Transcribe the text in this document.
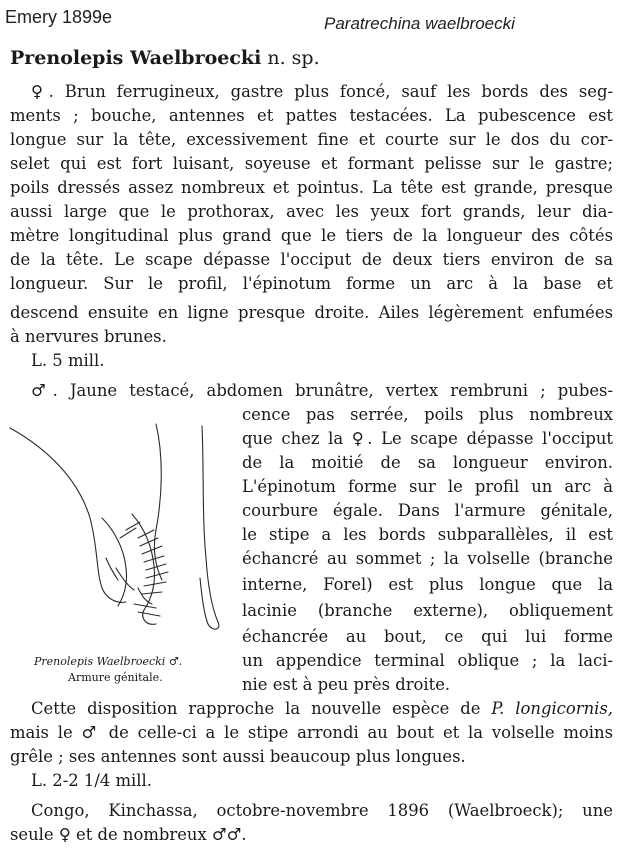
Emery 1899e	Paratrechina waelbroecki
Prenolepis Waelbroecki n. sp.
♀. Brun ferrugineux, gastre plus foncé, sauf les bords des seg-
ments ; bouche, antennes et pattes testacées. La pubescence est
longue sur la tête, excessivement fine et courte sur le dos du cor-
selet qui est fort luisant, soyeuse et formant pelisse sur le gastre;
poils dressés assez nombreux et pointus. La tête est grande, presque
aussi large que le prothorax, avec les yeux fort grands, leur dia-
mètre longitudinal plus grand que le tiers de la longueur des côtés
de la tête. Le scape dépasse l'occiput de deux tiers environ de sa
longueur. Sur le profil, l'épinotum forme un arc à la base et
descend ensuite en ligne presque droite. Ailes légèrement enfumées
à nervures brunes.
L. 5 mill.
♂. Jaune testacé, abdomen brunâtre, vertex rembruni ; pubes-
cence pas serrée, poils plus nombreux
que chez la ♀. Le scape dépasse l'occiput
de la moitié de sa longueur environ.
L'épinotum forme sur le profil un arc à
courbure égale. Dans l'armure génitale,
le stipe a les bords subparallèles, il est
échancré au sommet ; la volselle (branche
interne, Forel) est plus longue que la
lacinie (branche externe), obliquement
échancrée au bout, ce qui lui forme
un appendice terminal oblique ; la laci-
nie est à peu près droite.
Prenolepis Waelbroecki ♂.
Armure génitale.
Cette disposition rapproche la nouvelle espèce de P. longicornis,
mais le ♂ de celle-ci a le stipe arrondi au bout et la volselle moins
grêle ; ses antennes sont aussi beaucoup plus longues.
L. 2-2 1/4 mill.
Congo, Kinchassa, octobre-novembre 1896 (Waelbroeck); une
seule ♀ et de nombreux ♂♂.
